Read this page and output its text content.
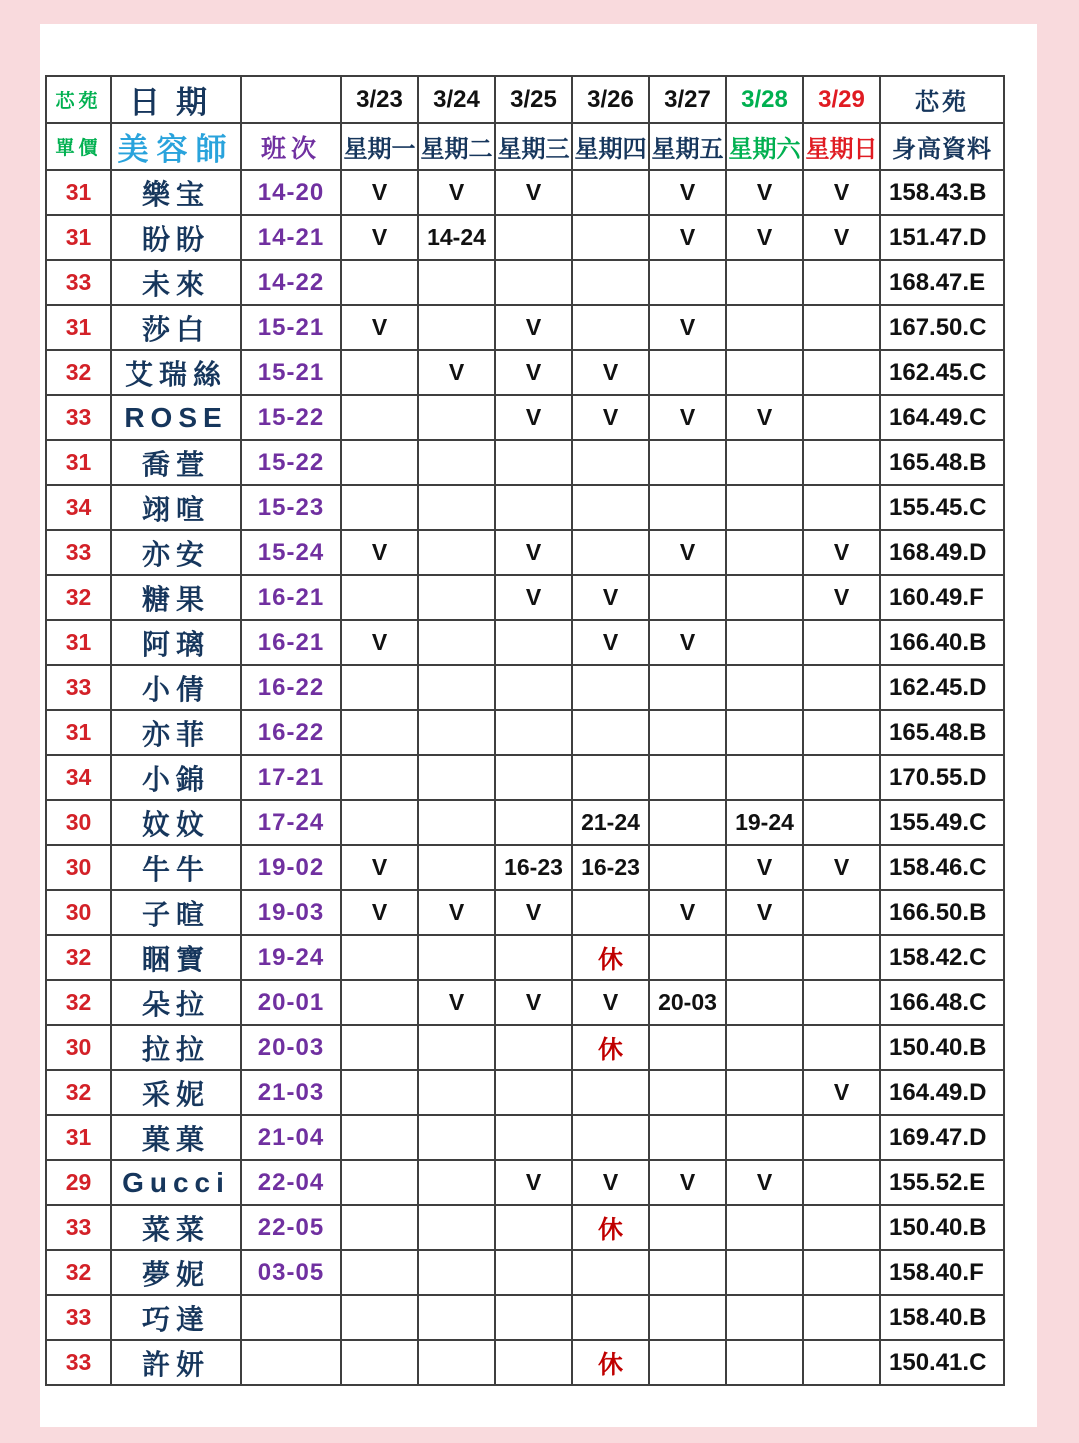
芯苑	日期		3/23	3/24	3/25	3/26	3/27	3/28	3/29	芯苑
單價	美容師	班次	星期一	星期二	星期三	星期四	星期五	星期六	星期日	身高資料
31	樂宝	14-20	V	V	V		V	V	V	158.43.B
31	盼盼	14-21	V	14-24			V	V	V	151.47.D
33	未來	14-22								168.47.E
31	莎白	15-21	V		V		V			167.50.C
32	艾瑞絲	15-21		V	V	V				162.45.C
33	ROSE	15-22			V	V	V	V		164.49.C
31	喬萱	15-22								165.48.B
34	翊喧	15-23								155.45.C
33	亦安	15-24	V		V		V		V	168.49.D
32	糖果	16-21			V	V			V	160.49.F
31	阿璃	16-21	V			V	V			166.40.B
33	小倩	16-22								162.45.D
31	亦菲	16-22								165.48.B
34	小錦	17-21								170.55.D
30	妏妏	17-24				21-24		19-24		155.49.C
30	牛牛	19-02	V		16-23	16-23		V	V	158.46.C
30	子暄	19-03	V	V	V		V	V		166.50.B
32	睏寶	19-24				休				158.42.C
32	朵拉	20-01		V	V	V	20-03			166.48.C
30	拉拉	20-03				休				150.40.B
32	采妮	21-03							V	164.49.D
31	菓菓	21-04								169.47.D
29	Gucci	22-04			V	V	V	V		155.52.E
33	菜菜	22-05				休				150.40.B
32	夢妮	03-05								158.40.F
33	巧達									158.40.B
33	許妍					休				150.41.C
